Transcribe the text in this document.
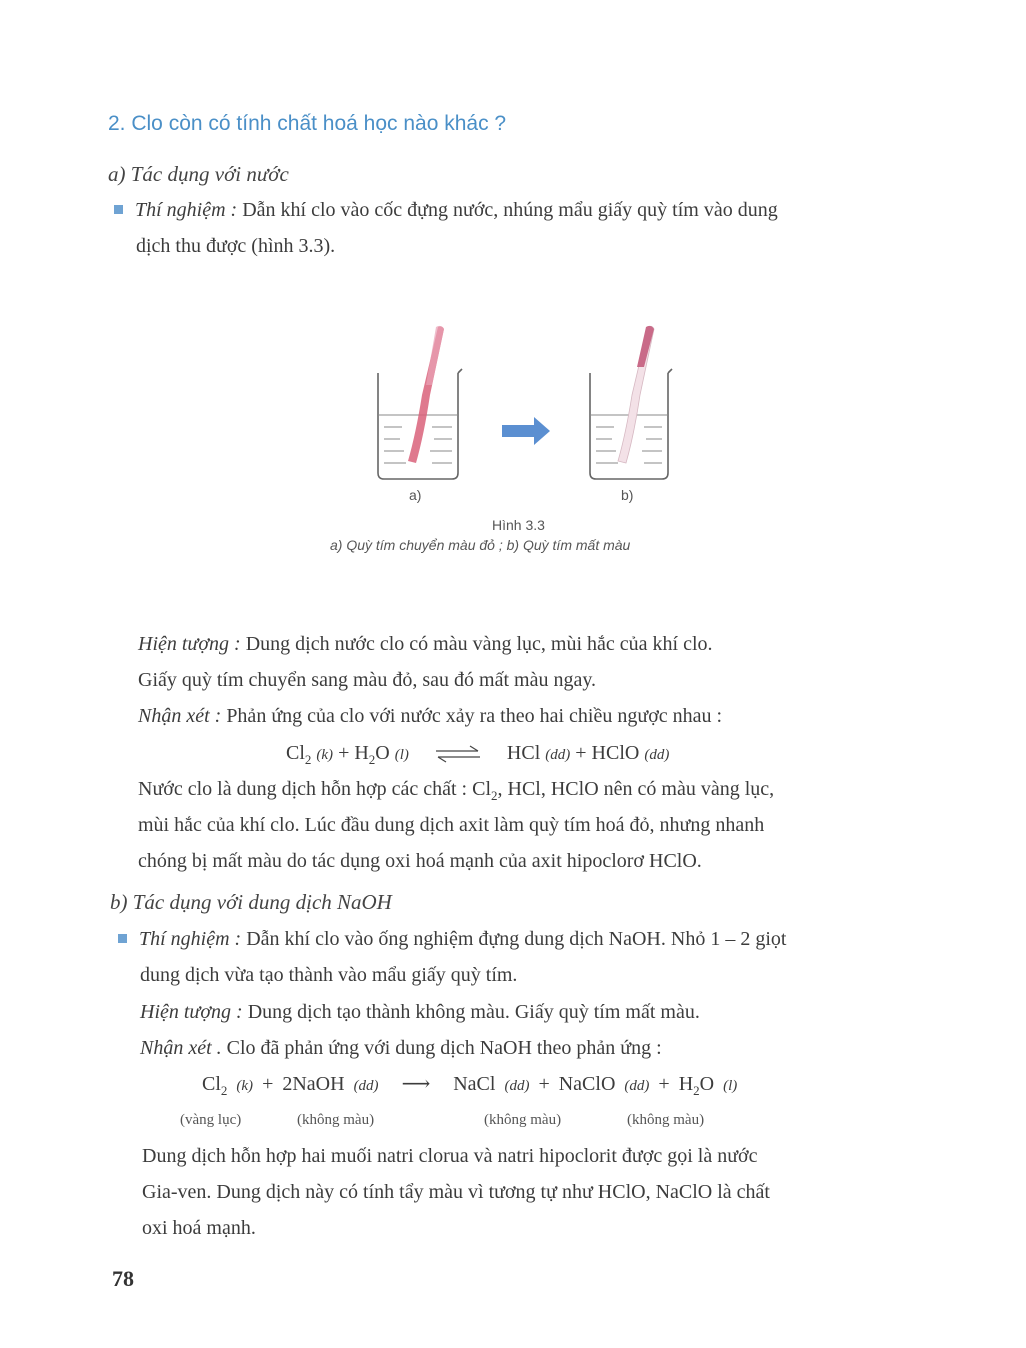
2. Clo còn có tính chất hoá học nào khác ?
a) Tác dụng với nước
Thí nghiệm : Dẫn khí clo vào cốc đựng nước, nhúng mẩu giấy quỳ tím vào dung
dịch thu được (hình 3.3).
a)	b)
Hình 3.3
a) Quỳ tím chuyển màu đỏ ; b) Quỳ tím mất màu
Hiện tượng : Dung dịch nước clo có màu vàng lục, mùi hắc của khí clo.
Giấy quỳ tím chuyển sang màu đỏ, sau đó mất màu ngay.
Nhận xét : Phản ứng của clo với nước xảy ra theo hai chiều ngược nhau :
$Cl_2$ $(k) + H_2O$ (l) ⇌ HCl (dd) + HClO (dd)
Nước clo là dung dịch hỗn hợp các chất : $Cl_2$, HCl, HClO nên có màu vàng lục,
mùi hắc của khí clo. Lúc đầu dung dịch axit làm quỳ tím hoá đỏ, nhưng nhanh
chóng bị mất màu do tác dụng oxi hoá mạnh của axit hipoclorơ HClO.
b) Tác dụng với dung dịch NaOH
Thí nghiệm : Dẫn khí clo vào ống nghiệm đựng dung dịch NaOH. Nhỏ 1 – 2 giọt
dung dịch vừa tạo thành vào mẩu giấy quỳ tím.
Hiện tượng : Dung dịch tạo thành không màu. Giấy quỳ tím mất màu.
Nhận xét . Clo đã phản ứng với dung dịch NaOH theo phản ứng :
$Cl_2$ (k) + 2NaOH (dd) ⟶ NaCl (dd) + NaClO $(dd) + H_2O$ (l)
(vàng lục)	(không màu)	(không màu)	(không màu)
Dung dịch hỗn hợp hai muối natri clorua và natri hipoclorit được gọi là nước
Gia-ven. Dung dịch này có tính tẩy màu vì tương tự như HClO, NaClO là chất
oxi hoá mạnh.
78
